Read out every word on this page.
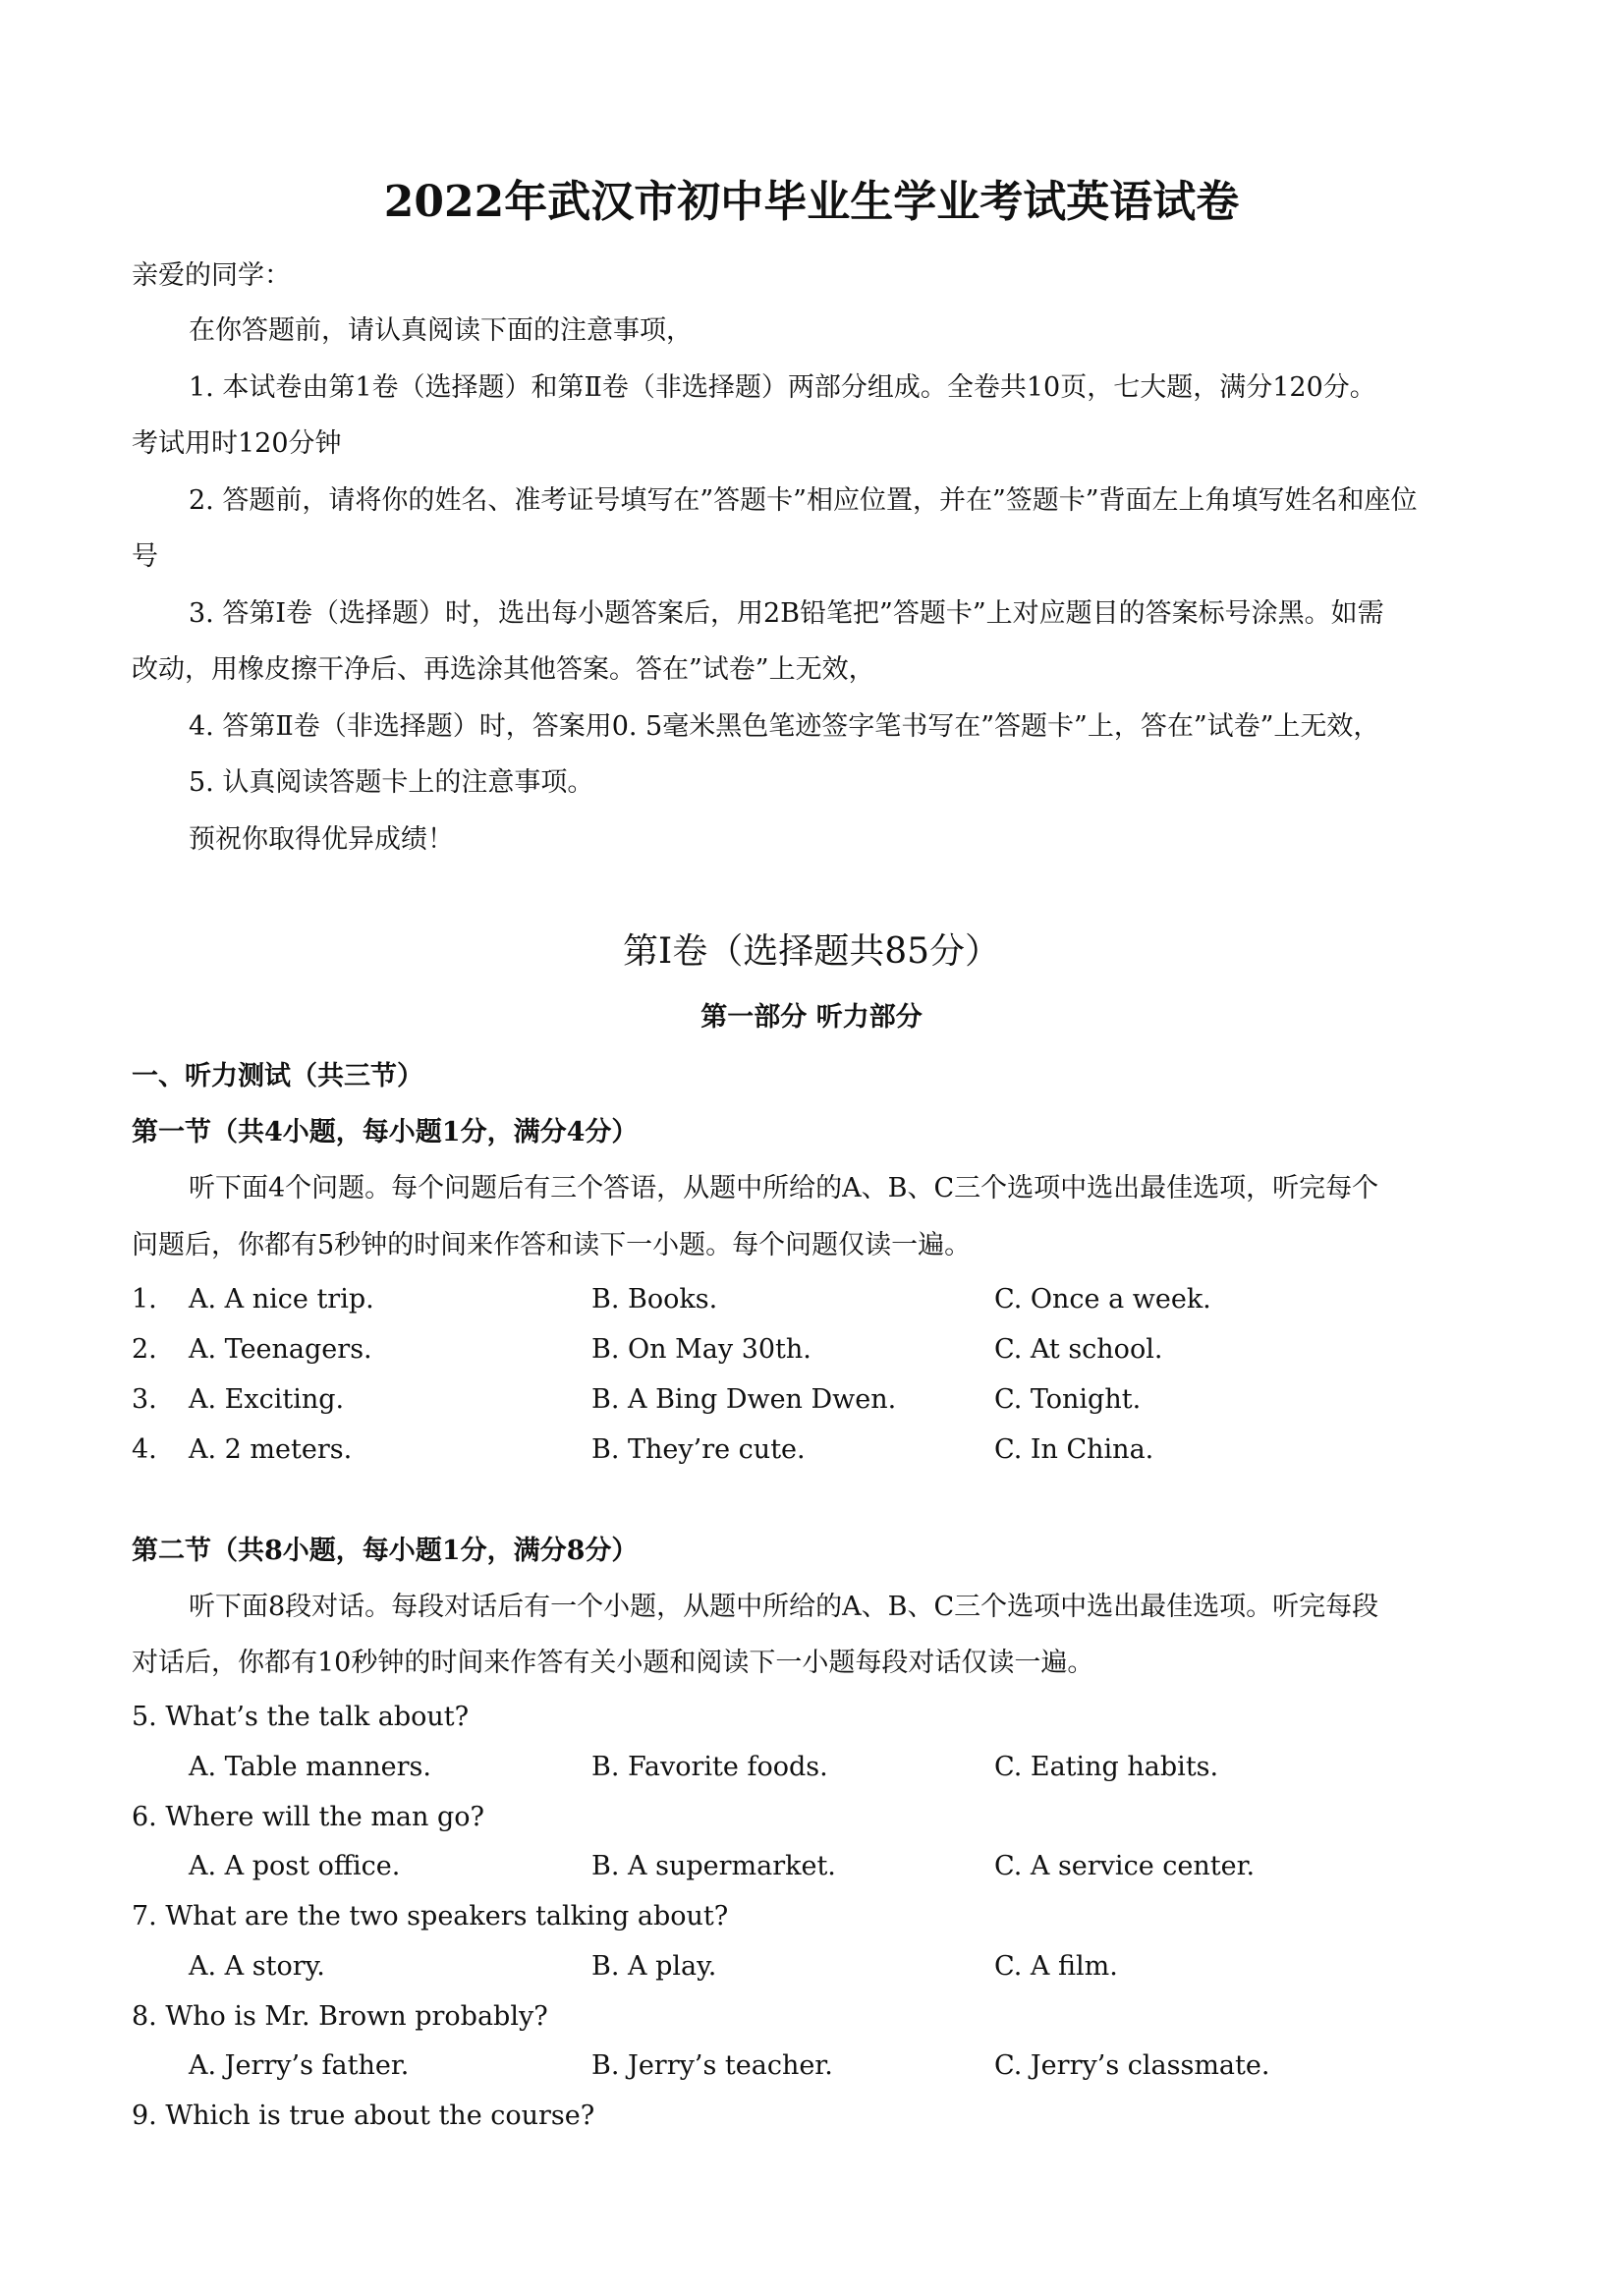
2022年武汉市初中毕业生学业考试英语试卷
亲爱的同学：
在你答题前，请认真阅读下面的注意事项，
1. 本试卷由第1卷（选择题）和第Ⅱ卷（非选择题）两部分组成。全卷共10页，七大题，满分120分。
考试用时120分钟
2. 答题前，请将你的姓名、准考证号填写在”答题卡”相应位置，并在”签题卡”背面左上角填写姓名和座位
号
3. 答第Ⅰ卷（选择题）时，选出每小题答案后，用2B铅笔把”答题卡”上对应题目的答案标号涂黑。如需
改动，用橡皮擦干净后、再选涂其他答案。答在”试卷”上无效，
4. 答第Ⅱ卷（非选择题）时，答案用0. 5毫米黑色笔迹签字笔书写在”答题卡”上，答在”试卷”上无效，
5. 认真阅读答题卡上的注意事项。
预祝你取得优异成绩！
第Ⅰ卷（选择题共85分）
第一部分 听力部分
一、听力测试（共三节）
第一节（共4小题，每小题1分，满分4分）
听下面4个问题。每个问题后有三个答语，从题中所给的A、B、C三个选项中选出最佳选项，听完每个
问题后，你都有5秒钟的时间来作答和读下一小题。每个问题仅读一遍。
1. A. A nice trip.	B. Books.	C. Once a week.
2. A. Teenagers.	B. On May 30th.	C. At school.
3. A. Exciting.	B. A Bing Dwen Dwen.	C. Tonight.
4. A. 2 meters.	B. They’re cute.	C. In China.
第二节（共8小题，每小题1分，满分8分）
听下面8段对话。每段对话后有一个小题，从题中所给的A、B、C三个选项中选出最佳选项。听完每段
对话后，你都有10秒钟的时间来作答有关小题和阅读下一小题每段对话仅读一遍。
5. What’s the talk about?
A. Table manners.	B. Favorite foods.	C. Eating habits.
6. Where will the man go?
A. A post office.	B. A supermarket.	C. A service center.
7. What are the two speakers talking about?
A. A story.	B. A play.	C. A film.
8. Who is Mr. Brown probably?
A. Jerry’s father.	B. Jerry’s teacher.	C. Jerry’s classmate.
9. Which is true about the course?
